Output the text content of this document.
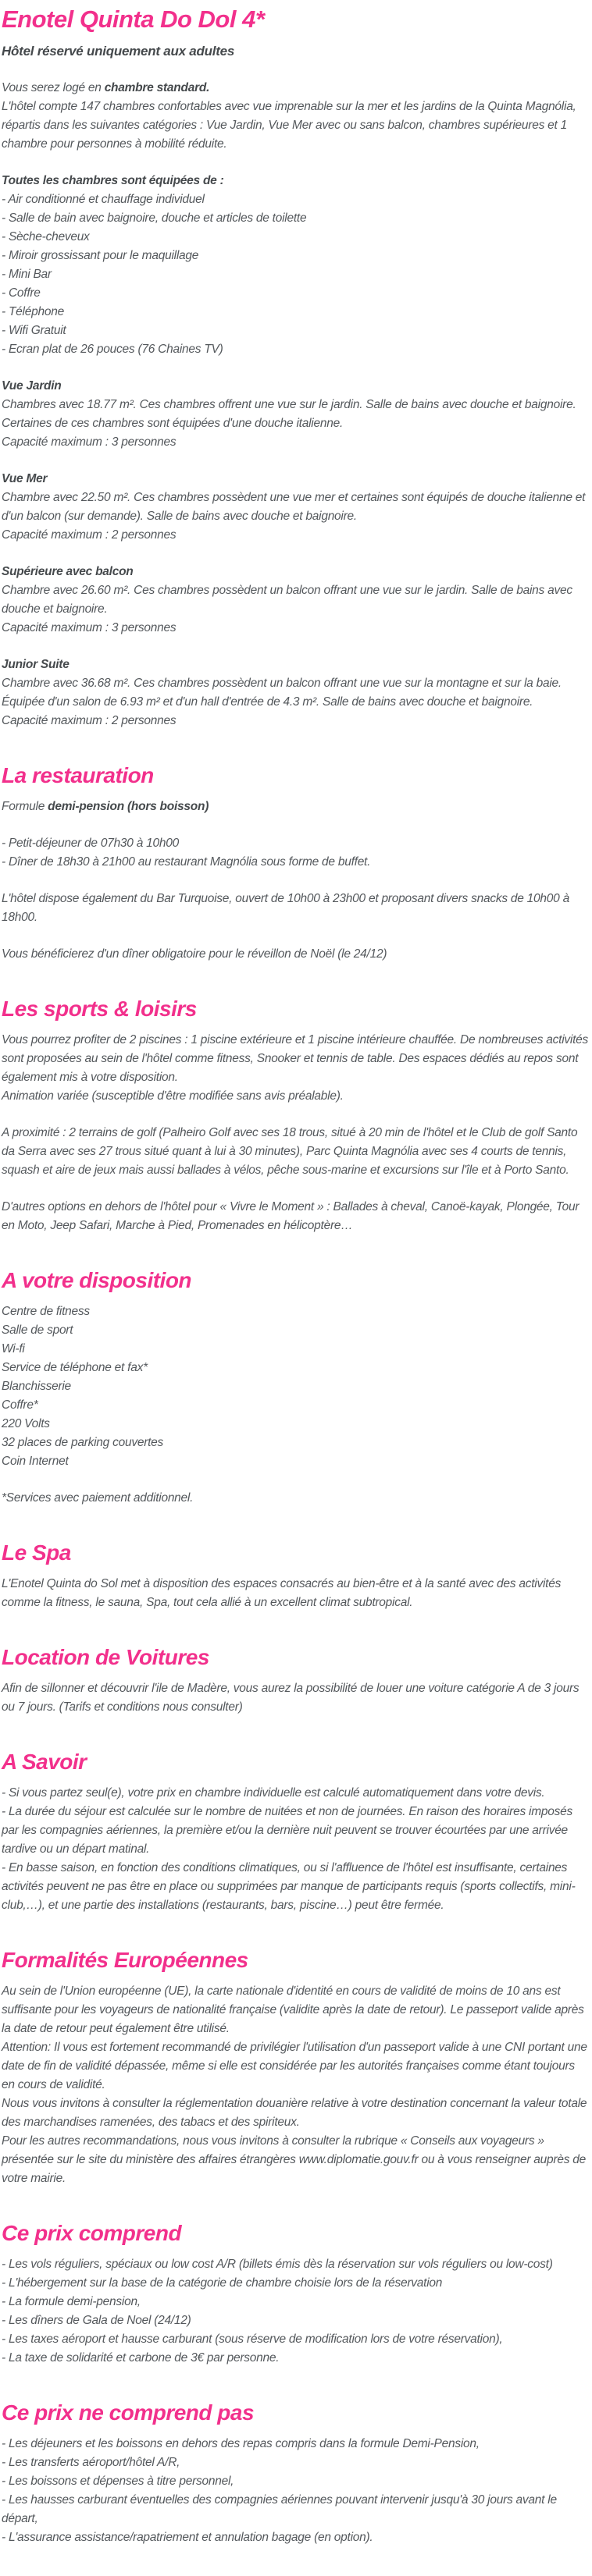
Enotel Quinta Do Dol 4*

Hôtel réservé uniquement aux adultes

Vous serez logé en chambre standard.

L'hôtel compte 147 chambres confortables avec vue imprenable sur la mer et les jardins de la Quinta Magnólia, répartis dans les suivantes catégories : Vue Jardin, Vue Mer avec ou sans balcon, chambres supérieures et 1 chambre pour personnes à mobilité réduite.

Toutes les chambres sont équipées de :

- Air conditionné et chauffage individuel

- Salle de bain avec baignoire, douche et articles de toilette

- Sèche-cheveux

- Miroir grossissant pour le maquillage

- Mini Bar

- Coffre

- Téléphone

- Wifi Gratuit

- Ecran plat de 26 pouces (76 Chaines TV)

Vue Jardin

Chambres avec 18.77 m². Ces chambres offrent une vue sur le jardin. Salle de bains avec douche et baignoire. Certaines de ces chambres sont équipées d'une douche italienne.

Capacité maximum : 3 personnes

Vue Mer

Chambre avec 22.50 m². Ces chambres possèdent une vue mer et certaines sont équipés de douche italienne et d'un balcon (sur demande). Salle de bains avec douche et baignoire.

Capacité maximum : 2 personnes

Supérieure avec balcon

Chambre avec 26.60 m². Ces chambres possèdent un balcon offrant une vue sur le jardin. Salle de bains avec douche et baignoire.

Capacité maximum : 3 personnes

Junior Suite

Chambre avec 36.68 m². Ces chambres possèdent un balcon offrant une vue sur la montagne et sur la baie. Équipée d'un salon de 6.93 m² et d'un hall d'entrée de 4.3 m². Salle de bains avec douche et baignoire.

Capacité maximum : 2 personnes

La restauration

Formule demi-pension (hors boisson)

- Petit-déjeuner de 07h30 à 10h00

- Dîner de 18h30 à 21h00 au restaurant Magnólia sous forme de buffet.

L'hôtel dispose également du Bar Turquoise, ouvert de 10h00 à 23h00 et proposant divers snacks de 10h00 à 18h00.

Vous bénéficierez d'un dîner obligatoire pour le réveillon de Noël (le 24/12)

Les sports & loisirs

Vous pourrez profiter de 2 piscines : 1 piscine extérieure et 1 piscine intérieure chauffée. De nombreuses activités sont proposées au sein de l'hôtel comme fitness, Snooker et tennis de table. Des espaces dédiés au repos sont également mis à votre disposition.

Animation variée (susceptible d'être modifiée sans avis préalable).

A proximité : 2 terrains de golf (Palheiro Golf avec ses 18 trous, situé à 20 min de l'hôtel et le Club de golf Santo da Serra avec ses 27 trous situé quant à lui à 30 minutes), Parc Quinta Magnólia avec ses 4 courts de tennis, squash et aire de jeux mais aussi ballades à vélos, pêche sous-marine et excursions sur l'île et à Porto Santo.

D'autres options en dehors de l'hôtel pour « Vivre le Moment » : Ballades à cheval, Canoë-kayak, Plongée, Tour en Moto, Jeep Safari, Marche à Pied, Promenades en hélicoptère…

A votre disposition

Centre de fitness

Salle de sport

Wi-fi

Service de téléphone et fax*

Blanchisserie

Coffre*

220 Volts

32 places de parking couvertes

Coin Internet

*Services avec paiement additionnel.

Le Spa

L'Enotel Quinta do Sol met à disposition des espaces consacrés au bien-être et à la santé avec des activités comme la fitness, le sauna, Spa, tout cela allié à un excellent climat subtropical.

Location de Voitures

Afin de sillonner et découvrir l'ile de Madère, vous aurez la possibilité de louer une voiture catégorie A de 3 jours ou 7 jours. (Tarifs et conditions nous consulter)

A Savoir

- Si vous partez seul(e), votre prix en chambre individuelle est calculé automatiquement dans votre devis.

- La durée du séjour est calculée sur le nombre de nuitées et non de journées. En raison des horaires imposés par les compagnies aériennes, la première et/ou la dernière nuit peuvent se trouver écourtées par une arrivée tardive ou un départ matinal.

- En basse saison, en fonction des conditions climatiques, ou si l'affluence de l'hôtel est insuffisante, certaines activités peuvent ne pas être en place ou supprimées par manque de participants requis (sports collectifs, mini-club,…), et une partie des installations (restaurants, bars, piscine…) peut être fermée.

Formalités Européennes

Au sein de l'Union européenne (UE), la carte nationale d'identité en cours de validité de moins de 10 ans est suffisante pour les voyageurs de nationalité française (validite après la date de retour). Le passeport valide après la date de retour peut également être utilisé.

Attention: Il vous est fortement recommandé de privilégier l'utilisation d'un passeport valide à une CNI portant une date de fin de validité dépassée, même si elle est considérée par les autorités françaises comme étant toujours en cours de validité.

Nous vous invitons à consulter la réglementation douanière relative à votre destination concernant la valeur totale des marchandises ramenées, des tabacs et des spiriteux.

Pour les autres recommandations, nous vous invitons à consulter la rubrique « Conseils aux voyageurs » présentée sur le site du ministère des affaires étrangères www.diplomatie.gouv.fr ou à vous renseigner auprès de votre mairie.

Ce prix comprend

- Les vols réguliers, spéciaux ou low cost A/R (billets émis dès la réservation sur vols réguliers ou low-cost)

- L'hébergement sur la base de la catégorie de chambre choisie lors de la réservation

- La formule demi-pension,

- Les dîners de Gala de Noel (24/12)

- Les taxes aéroport et hausse carburant (sous réserve de modification lors de votre réservation),

- La taxe de solidarité et carbone de 3€ par personne.

Ce prix ne comprend pas

- Les déjeuners et les boissons en dehors des repas compris dans la formule Demi-Pension,

- Les transferts aéroport/hôtel A/R,

- Les boissons et dépenses à titre personnel,

- Les hausses carburant éventuelles des compagnies aériennes pouvant intervenir jusqu'à 30 jours avant le départ,

- L'assurance assistance/rapatriement et annulation bagage (en option).
